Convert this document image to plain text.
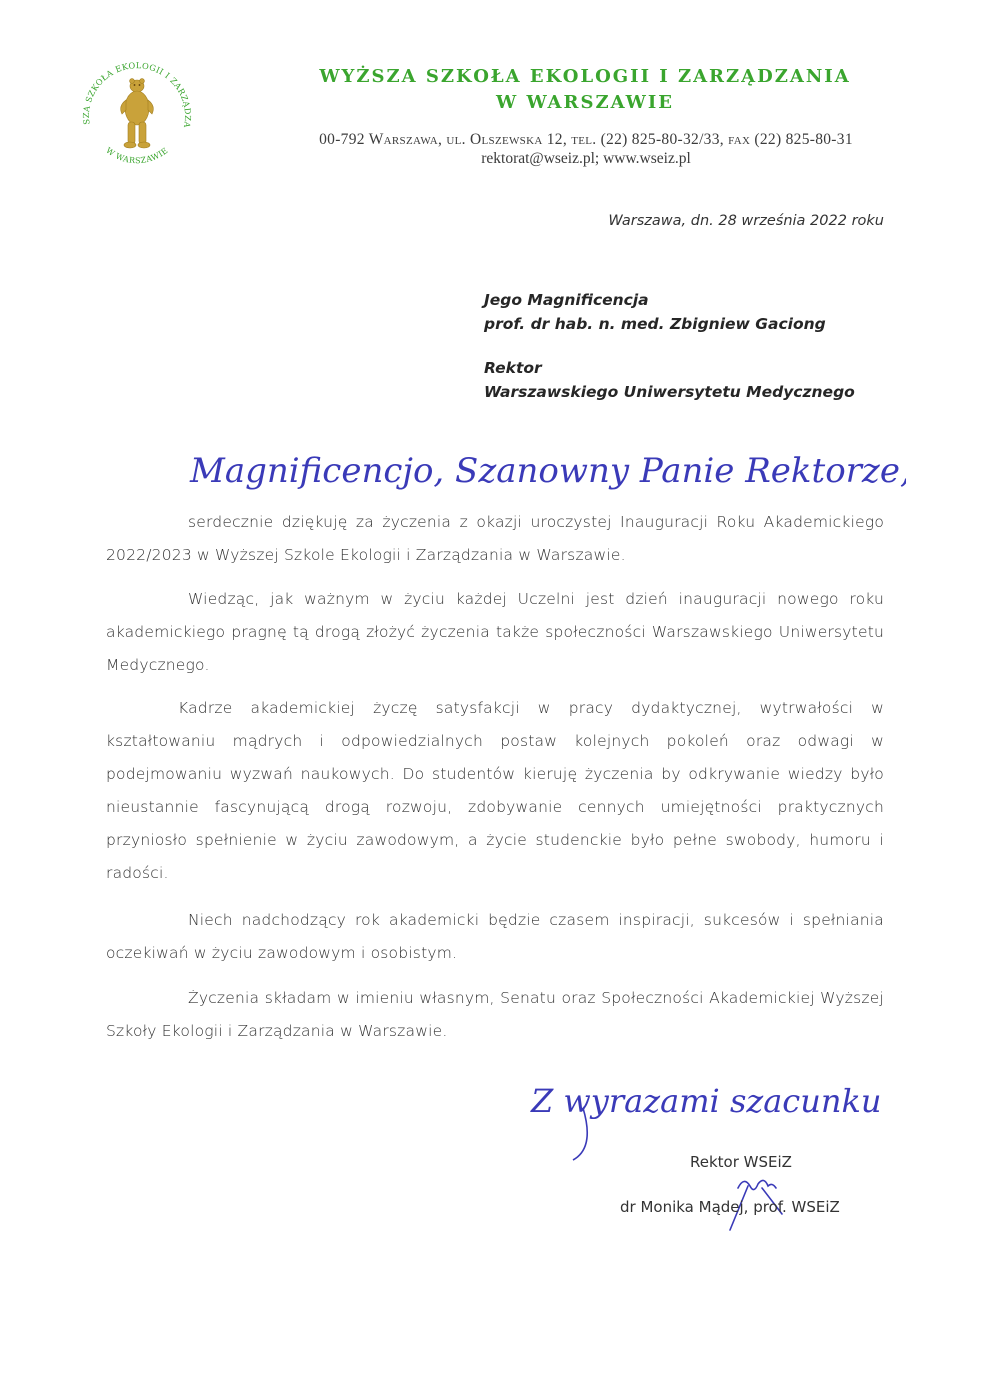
SZA SZKOŁA EKOLOGII I ZARZĄDZA
W WARSZAWIE
WYŻSZA SZKOŁA EKOLOGII I ZARZĄDZANIA
W WARSZAWIE
00-792 Warszawa, ul. Olszewska 12, tel. (22) 825-80-32/33, fax (22) 825-80-31
rektorat@wseiz.pl; www.wseiz.pl
Warszawa, dn. 28 września 2022 roku
Jego Magnificencja
prof. dr hab. n. med. Zbigniew Gaciong
Rektor
Warszawskiego Uniwersytetu Medycznego
Magnificencjo, Szanowny Panie Rektorze,
serdecznie dziękuję za życzenia z okazji uroczystej Inauguracji Roku Akademickiego 2022/2023 w Wyższej Szkole Ekologii i Zarządzania w Warszawie.
Wiedząc, jak ważnym w życiu każdej Uczelni jest dzień inauguracji nowego roku akademickiego pragnę tą drogą złożyć życzenia także społeczności Warszawskiego Uniwersytetu Medycznego.
Kadrze akademickiej życzę satysfakcji w pracy dydaktycznej, wytrwałości w kształtowaniu mądrych i odpowiedzialnych postaw kolejnych pokoleń oraz odwagi w podejmowaniu wyzwań naukowych. Do studentów kieruję życzenia by odkrywanie wiedzy było nieustannie fascynującą drogą rozwoju, zdobywanie cennych umiejętności praktycznych przyniosło spełnienie w życiu zawodowym, a życie studenckie było pełne swobody, humoru i radości.
Niech nadchodzący rok akademicki będzie czasem inspiracji, sukcesów i spełniania oczekiwań w życiu zawodowym i osobistym.
Życzenia składam w imieniu własnym, Senatu oraz Społeczności Akademickiej Wyższej Szkoły Ekologii i Zarządzania w Warszawie.
Z wyrazami szacunku
Rektor WSEiZ
dr Monika Mądej, prof. WSEiZ
